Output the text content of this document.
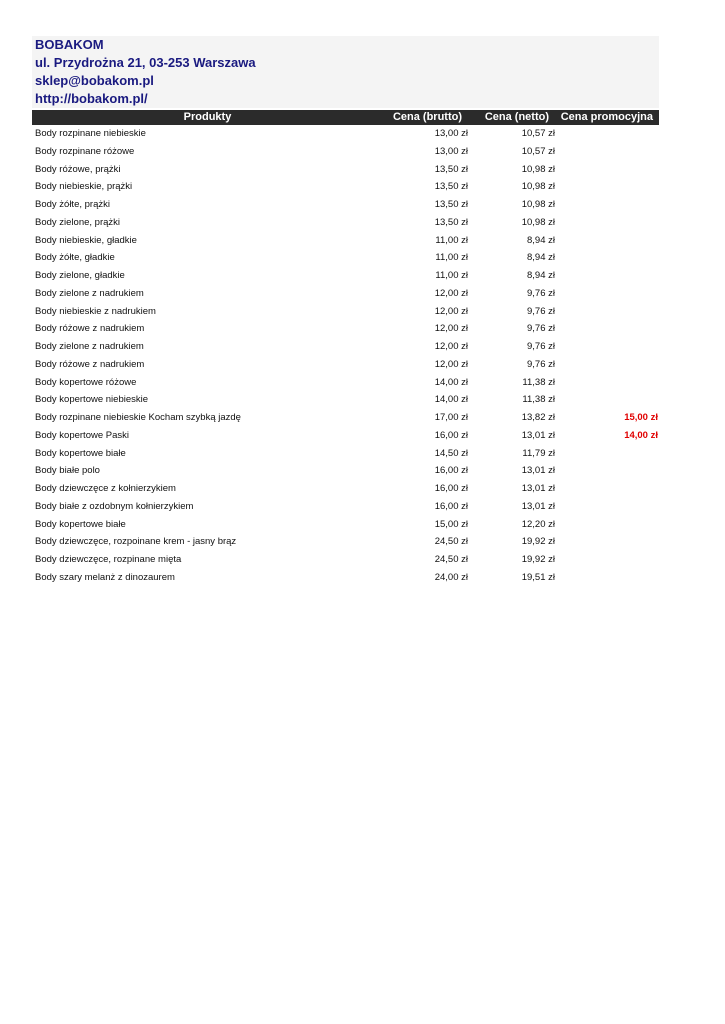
BOBAKOM
ul. Przydrożna 21, 03-253 Warszawa
sklep@bobakom.pl
http://bobakom.pl/
Produkty	Cena (brutto)	Cena (netto)	Cena promocyjna
Body rozpinane niebieskie	13,00 zł	10,57 zł
Body rozpinane różowe	13,00 zł	10,57 zł
Body różowe, prążki	13,50 zł	10,98 zł
Body niebieskie, prążki	13,50 zł	10,98 zł
Body żółte, prążki	13,50 zł	10,98 zł
Body zielone, prążki	13,50 zł	10,98 zł
Body niebieskie, gładkie	11,00 zł	8,94 zł
Body żółte, gładkie	11,00 zł	8,94 zł
Body zielone, gładkie	11,00 zł	8,94 zł
Body zielone z nadrukiem	12,00 zł	9,76 zł
Body niebieskie z nadrukiem	12,00 zł	9,76 zł
Body różowe z nadrukiem	12,00 zł	9,76 zł
Body zielone z nadrukiem	12,00 zł	9,76 zł
Body różowe z nadrukiem	12,00 zł	9,76 zł
Body kopertowe różowe	14,00 zł	11,38 zł
Body kopertowe niebieskie	14,00 zł	11,38 zł
Body rozpinane niebieskie Kocham szybką jazdę	17,00 zł	13,82 zł	15,00 zł
Body kopertowe Paski	16,00 zł	13,01 zł	14,00 zł
Body kopertowe białe	14,50 zł	11,79 zł
Body białe polo	16,00 zł	13,01 zł
Body dziewczęce z kołnierzykiem	16,00 zł	13,01 zł
Body białe z ozdobnym kołnierzykiem	16,00 zł	13,01 zł
Body kopertowe białe	15,00 zł	12,20 zł
Body dziewczęce, rozpoinane krem - jasny brąz	24,50 zł	19,92 zł
Body dziewczęce, rozpinane mięta	24,50 zł	19,92 zł
Body szary melanż z dinozaurem	24,00 zł	19,51 zł
